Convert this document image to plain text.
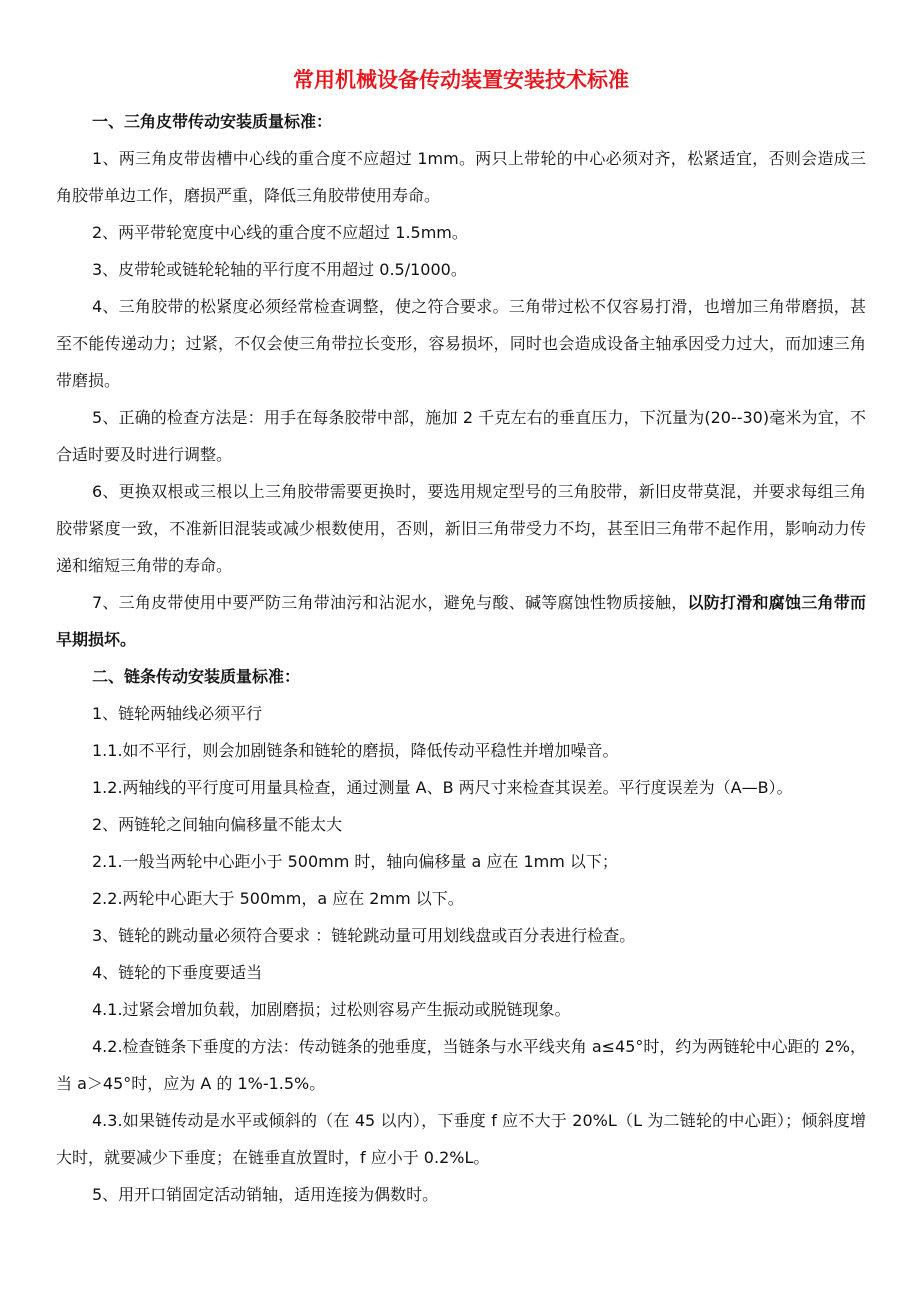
常用机械设备传动装置安装技术标准
一、三角皮带传动安装质量标准：
1、两三角皮带齿槽中心线的重合度不应超过 1mm。两只上带轮的中心必须对齐，松紧适宜，否则会造成三角胶带单边工作，磨损严重，降低三角胶带使用寿命。
2、两平带轮宽度中心线的重合度不应超过 1.5mm。
3、皮带轮或链轮轮轴的平行度不用超过 0.5/1000。
4、三角胶带的松紧度必须经常检查调整，使之符合要求。三角带过松不仅容易打滑，也增加三角带磨损，甚至不能传递动力；过紧，不仅会使三角带拉长变形，容易损坏，同时也会造成设备主轴承因受力过大，而加速三角带磨损。
5、正确的检查方法是：用手在每条胶带中部，施加 2 千克左右的垂直压力，下沉量为(20--30)毫米为宜，不合适时要及时进行调整。
6、更换双根或三根以上三角胶带需要更换时，要选用规定型号的三角胶带，新旧皮带莫混，并要求每组三角胶带紧度一致，不准新旧混装或减少根数使用，否则，新旧三角带受力不均，甚至旧三角带不起作用，影响动力传递和缩短三角带的寿命。
7、三角皮带使用中要严防三角带油污和沾泥水，避免与酸、碱等腐蚀性物质接触，以防打滑和腐蚀三角带而早期损坏。
二、链条传动安装质量标准：
1、链轮两轴线必须平行
1.1.如不平行，则会加剧链条和链轮的磨损，降低传动平稳性并增加噪音。
1.2.两轴线的平行度可用量具检查，通过测量 A、B 两尺寸来检查其误差。平行度误差为（A—B）。
2、两链轮之间轴向偏移量不能太大
2.1.一般当两轮中心距小于 500mm 时，轴向偏移量 a 应在 1mm 以下；
2.2.两轮中心距大于 500mm，a 应在 2mm 以下。
3、链轮的跳动量必须符合要求 ：链轮跳动量可用划线盘或百分表进行检查。
4、链轮的下垂度要适当
4.1.过紧会增加负载，加剧磨损；过松则容易产生振动或脱链现象。
4.2.检查链条下垂度的方法：传动链条的弛垂度，当链条与水平线夹角 a≤45°时，约为两链轮中心距的 2%，当 a＞45°时，应为 A 的 1%-1.5%。
4.3.如果链传动是水平或倾斜的（在 45 以内），下垂度 f 应不大于 20%L（L 为二链轮的中心距）；倾斜度增大时，就要减少下垂度；在链垂直放置时，f 应小于 0.2%L。
5、用开口销固定活动销轴，适用连接为偶数时。
